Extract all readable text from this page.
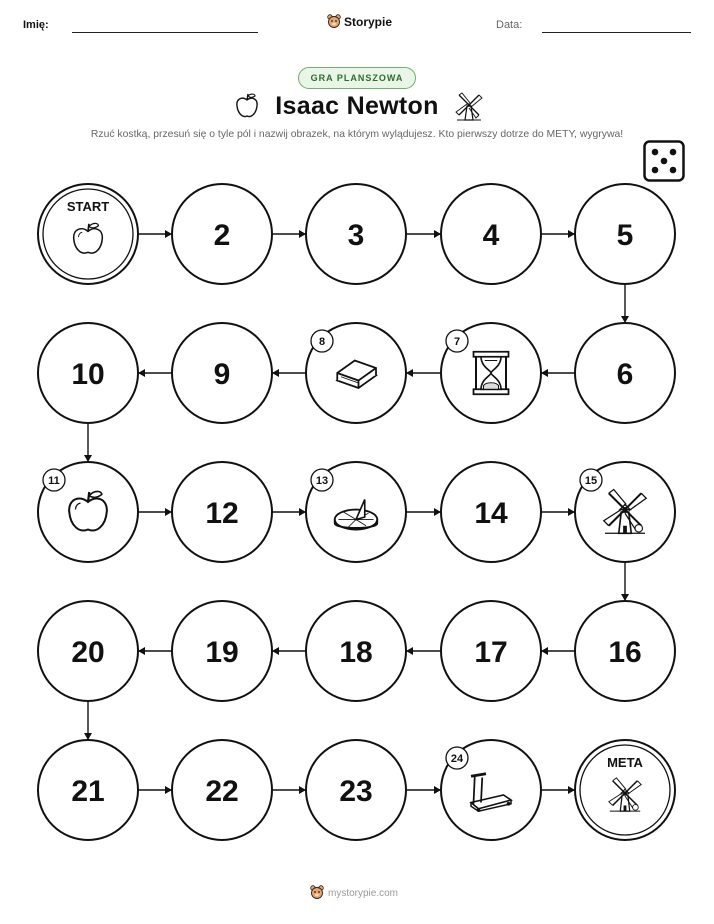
Imię:	Storypie	Data:
GRA PLANSZOWA
Isaac Newton
Rzuć kostką, przesuń się o tyle pól i nazwij obrazek, na którym wylądujesz. Kto pierwszy dotrze do METY, wygrywa!
START
2	3	4	5
6
7
8
9
10
11
12
13
14
15
16
17
18
19
20
21	22	23
24	META
mystorypie.com
